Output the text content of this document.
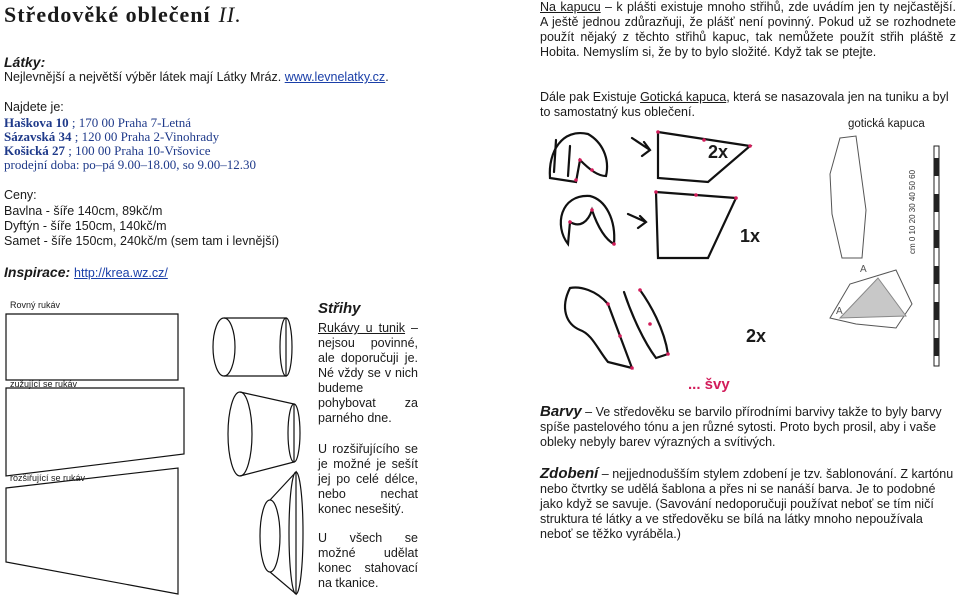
Středověké oblečení II.
Látky:
Nejlevnější a největší výběr látek mají Látky Mráz. www.levnelatky.cz.
Najdete je:
Haškova 10 ; 170 00 Praha 7-Letná
Sázavská 34 ; 120 00 Praha 2-Vinohrady
Košická 27 ; 100 00 Praha 10-Vršovice
prodejní doba: po–pá 9.00–18.00, so 9.00–12.30
Ceny:
Bavlna - šíře 140cm, 89kč/m
Dyftýn - šíře 150cm, 140kč/m
Samet - šíře 150cm, 240kč/m (sem tam i levnější)
Inspirace: http://krea.wz.cz/
Rovný rukáv
zužující se rukáv
rozšiřující se rukáv
Střihy
Rukávy u tunik – nejsou povinné, ale doporučuji je. Né vždy se v nich budeme pohybovat za parného dne.
U rozšiřujícího se je možné je sešít jej po celé délce, nebo nechat konec nesešitý.
U všech se možné udělat konec stahovací na tkanice.
Na kapucu – k plášti existuje mnoho střihů, zde uvádím jen ty nejčastější. A ještě jednou zdůrazňuji, že plášť není povinný. Pokud už se rozhodnete použít nějaký z těchto střihů kapuc, tak nemůžete použít střih pláště z Hobita. Nemyslím si, že by to bylo složité. Když tak se ptejte.
Dále pak Existuje Gotická kapuca, která se nasazovala jen na tuniku a byl to samostatný kus oblečení.
gotická kapuca
A
A
cm 0 10 20 30 40 50 60
2x
1x
2x
... švy
Barvy – Ve středověku se barvilo přírodními barvivy takže to byly barvy spíše pastelového tónu a jen různé sytosti. Proto bych prosil, aby i vaše obleky nebyly barev výrazných a svítivých.
Zdobení – nejjednodušším stylem zdobení je tzv. šablonování. Z kartónu nebo čtvrtky se udělá šablona a přes ni se nanáší barva. Je to podobné jako když se savuje. (Savování nedoporučuji používat neboť se tím ničí struktura té látky a ve středověku se bílá na látky mnoho nepoužívala neboť se těžko vyráběla.)
